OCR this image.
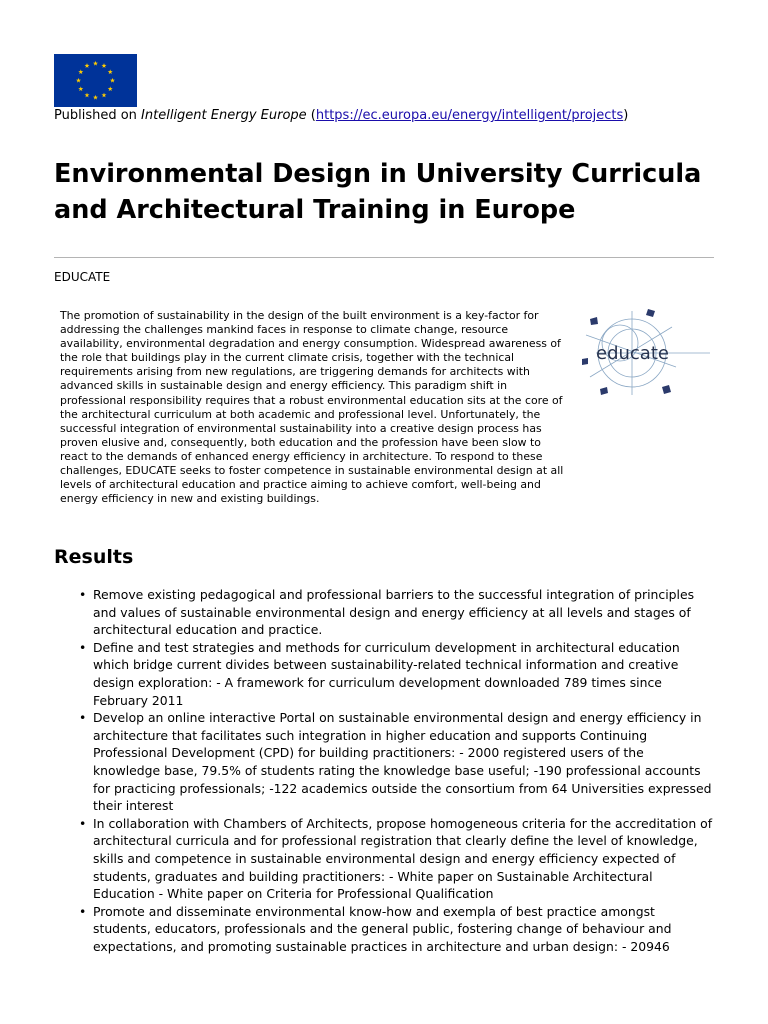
Published on Intelligent Energy Europe (https://ec.europa.eu/energy/intelligent/projects)
Environmental Design in University Curricula and Architectural Training in Europe
EDUCATE

The promotion of sustainability in the design of the built environment is a key-factor for addressing the challenges mankind faces in response to climate change, resource availability, environmental degradation and energy consumption. Widespread awareness of the role that buildings play in the current climate crisis, together with the technical requirements arising from new regulations, are triggering demands for architects with advanced skills in sustainable design and energy efficiency. This paradigm shift in professional responsibility requires that a robust environmental education sits at the core of the architectural curriculum at both academic and professional level. Unfortunately, the successful integration of environmental sustainability into a creative design process has proven elusive and, consequently, both education and the profession have been slow to react to the demands of enhanced energy efficiency in architecture. To respond to these challenges, EDUCATE seeks to foster competence in sustainable environmental design at all levels of architectural education and practice aiming to achieve comfort, well-being and energy efficiency in new and existing buildings.

educate
Results
• Remove existing pedagogical and professional barriers to the successful integration of principles and values of sustainable environmental design and energy efficiency at all levels and stages of architectural education and practice.
• Define and test strategies and methods for curriculum development in architectural education which bridge current divides between sustainability-related technical information and creative design exploration: - A framework for curriculum development downloaded 789 times since February 2011
• Develop an online interactive Portal on sustainable environmental design and energy efficiency in architecture that facilitates such integration in higher education and supports Continuing Professional Development (CPD) for building practitioners: - 2000 registered users of the knowledge base, 79.5% of students rating the knowledge base useful; -190 professional accounts for practicing professionals; -122 academics outside the consortium from 64 Universities expressed their interest
• In collaboration with Chambers of Architects, propose homogeneous criteria for the accreditation of architectural curricula and for professional registration that clearly define the level of knowledge, skills and competence in sustainable environmental design and energy efficiency expected of students, graduates and building practitioners: - White paper on Sustainable Architectural Education - White paper on Criteria for Professional Qualification
• Promote and disseminate environmental know-how and exempla of best practice amongst students, educators, professionals and the general public, fostering change of behaviour and expectations, and promoting sustainable practices in architecture and urban design: - 20946
